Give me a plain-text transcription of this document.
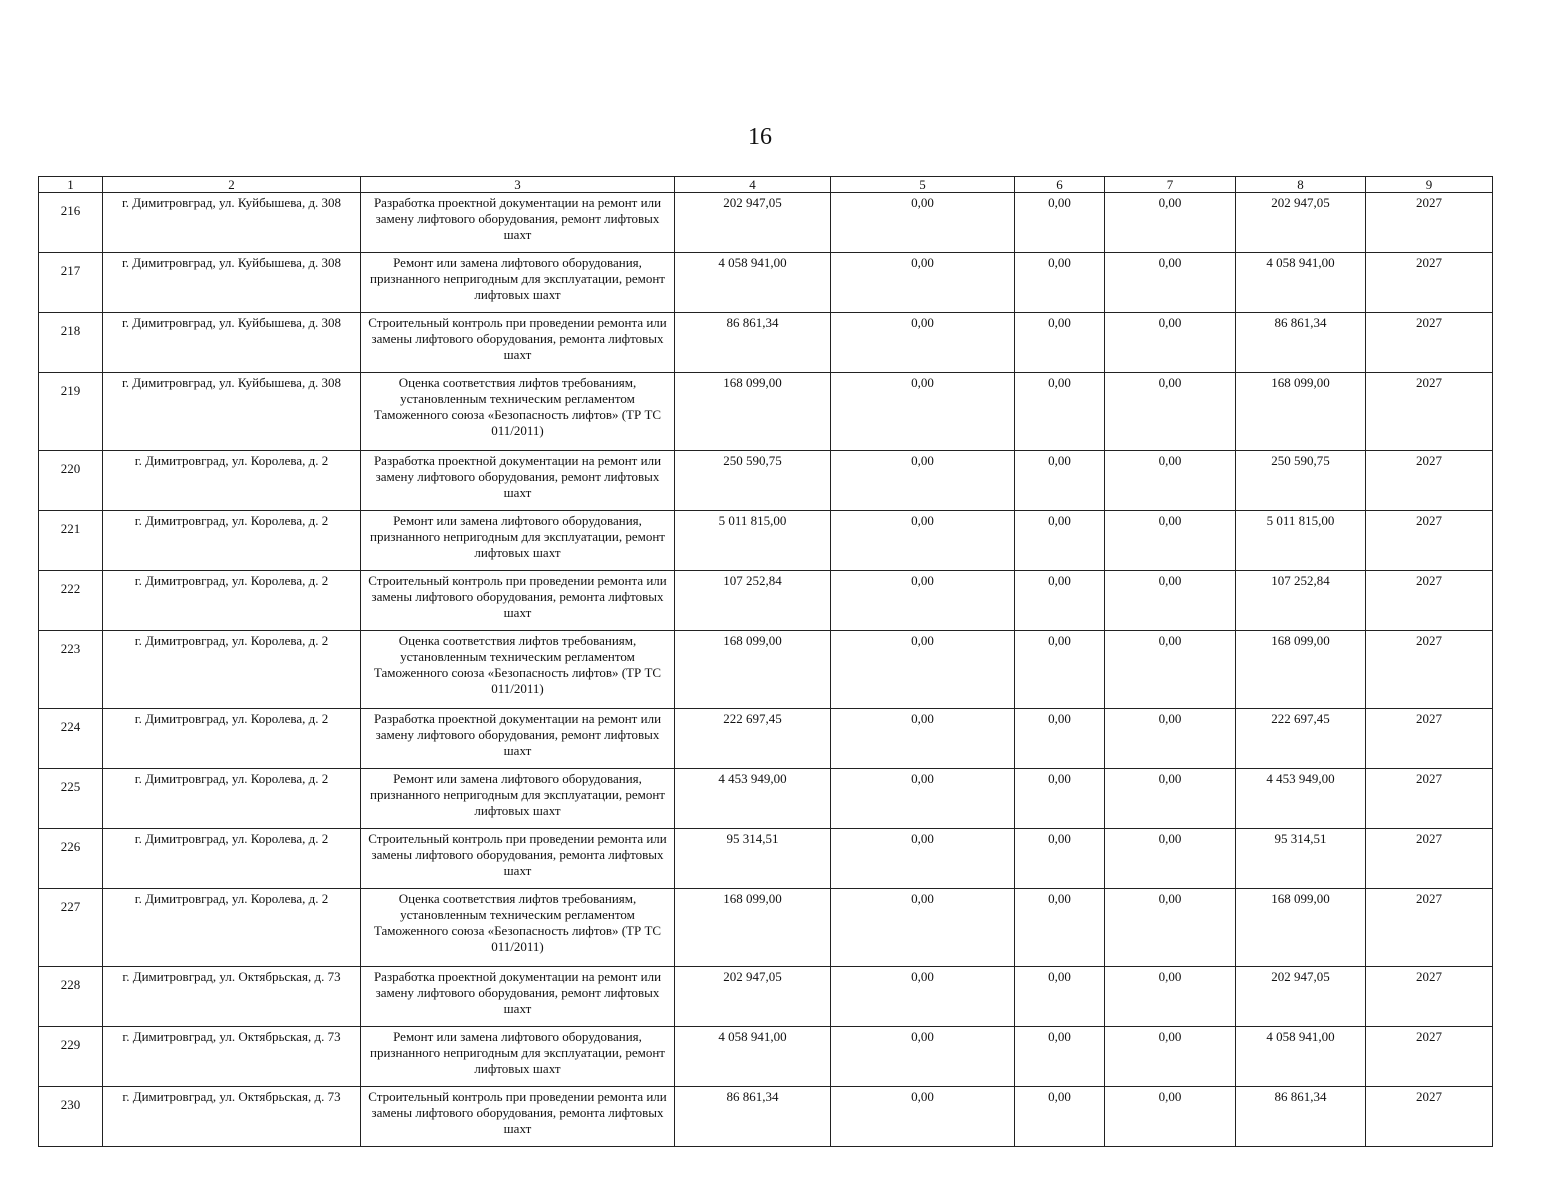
16
1	2	3	4	5	6	7	8	9
216	г. Димитровград, ул. Куйбышева, д. 308	Разработка проектной документации на ремонт или замену лифтового оборудования, ремонт лифтовых шахт	202 947,05	0,00	0,00	0,00	202 947,05	2027
217	г. Димитровград, ул. Куйбышева, д. 308	Ремонт или замена лифтового оборудования, признанного непригодным для эксплуатации, ремонт лифтовых шахт	4 058 941,00	0,00	0,00	0,00	4 058 941,00	2027
218	г. Димитровград, ул. Куйбышева, д. 308	Строительный контроль при проведении ремонта или замены лифтового оборудования, ремонта лифтовых шахт	86 861,34	0,00	0,00	0,00	86 861,34	2027
219	г. Димитровград, ул. Куйбышева, д. 308	Оценка соответствия лифтов требованиям, установленным техническим регламентом Таможенного союза «Безопасность лифтов» (ТР ТС 011/2011)	168 099,00	0,00	0,00	0,00	168 099,00	2027
220	г. Димитровград, ул. Королева, д. 2	Разработка проектной документации на ремонт или замену лифтового оборудования, ремонт лифтовых шахт	250 590,75	0,00	0,00	0,00	250 590,75	2027
221	г. Димитровград, ул. Королева, д. 2	Ремонт или замена лифтового оборудования, признанного непригодным для эксплуатации, ремонт лифтовых шахт	5 011 815,00	0,00	0,00	0,00	5 011 815,00	2027
222	г. Димитровград, ул. Королева, д. 2	Строительный контроль при проведении ремонта или замены лифтового оборудования, ремонта лифтовых шахт	107 252,84	0,00	0,00	0,00	107 252,84	2027
223	г. Димитровград, ул. Королева, д. 2	Оценка соответствия лифтов требованиям, установленным техническим регламентом Таможенного союза «Безопасность лифтов» (ТР ТС 011/2011)	168 099,00	0,00	0,00	0,00	168 099,00	2027
224	г. Димитровград, ул. Королева, д. 2	Разработка проектной документации на ремонт или замену лифтового оборудования, ремонт лифтовых шахт	222 697,45	0,00	0,00	0,00	222 697,45	2027
225	г. Димитровград, ул. Королева, д. 2	Ремонт или замена лифтового оборудования, признанного непригодным для эксплуатации, ремонт лифтовых шахт	4 453 949,00	0,00	0,00	0,00	4 453 949,00	2027
226	г. Димитровград, ул. Королева, д. 2	Строительный контроль при проведении ремонта или замены лифтового оборудования, ремонта лифтовых шахт	95 314,51	0,00	0,00	0,00	95 314,51	2027
227	г. Димитровград, ул. Королева, д. 2	Оценка соответствия лифтов требованиям, установленным техническим регламентом Таможенного союза «Безопасность лифтов» (ТР ТС 011/2011)	168 099,00	0,00	0,00	0,00	168 099,00	2027
228	г. Димитровград, ул. Октябрьская, д. 73	Разработка проектной документации на ремонт или замену лифтового оборудования, ремонт лифтовых шахт	202 947,05	0,00	0,00	0,00	202 947,05	2027
229	г. Димитровград, ул. Октябрьская, д. 73	Ремонт или замена лифтового оборудования, признанного непригодным для эксплуатации, ремонт лифтовых шахт	4 058 941,00	0,00	0,00	0,00	4 058 941,00	2027
230	г. Димитровград, ул. Октябрьская, д. 73	Строительный контроль при проведении ремонта или замены лифтового оборудования, ремонта лифтовых шахт	86 861,34	0,00	0,00	0,00	86 861,34	2027
